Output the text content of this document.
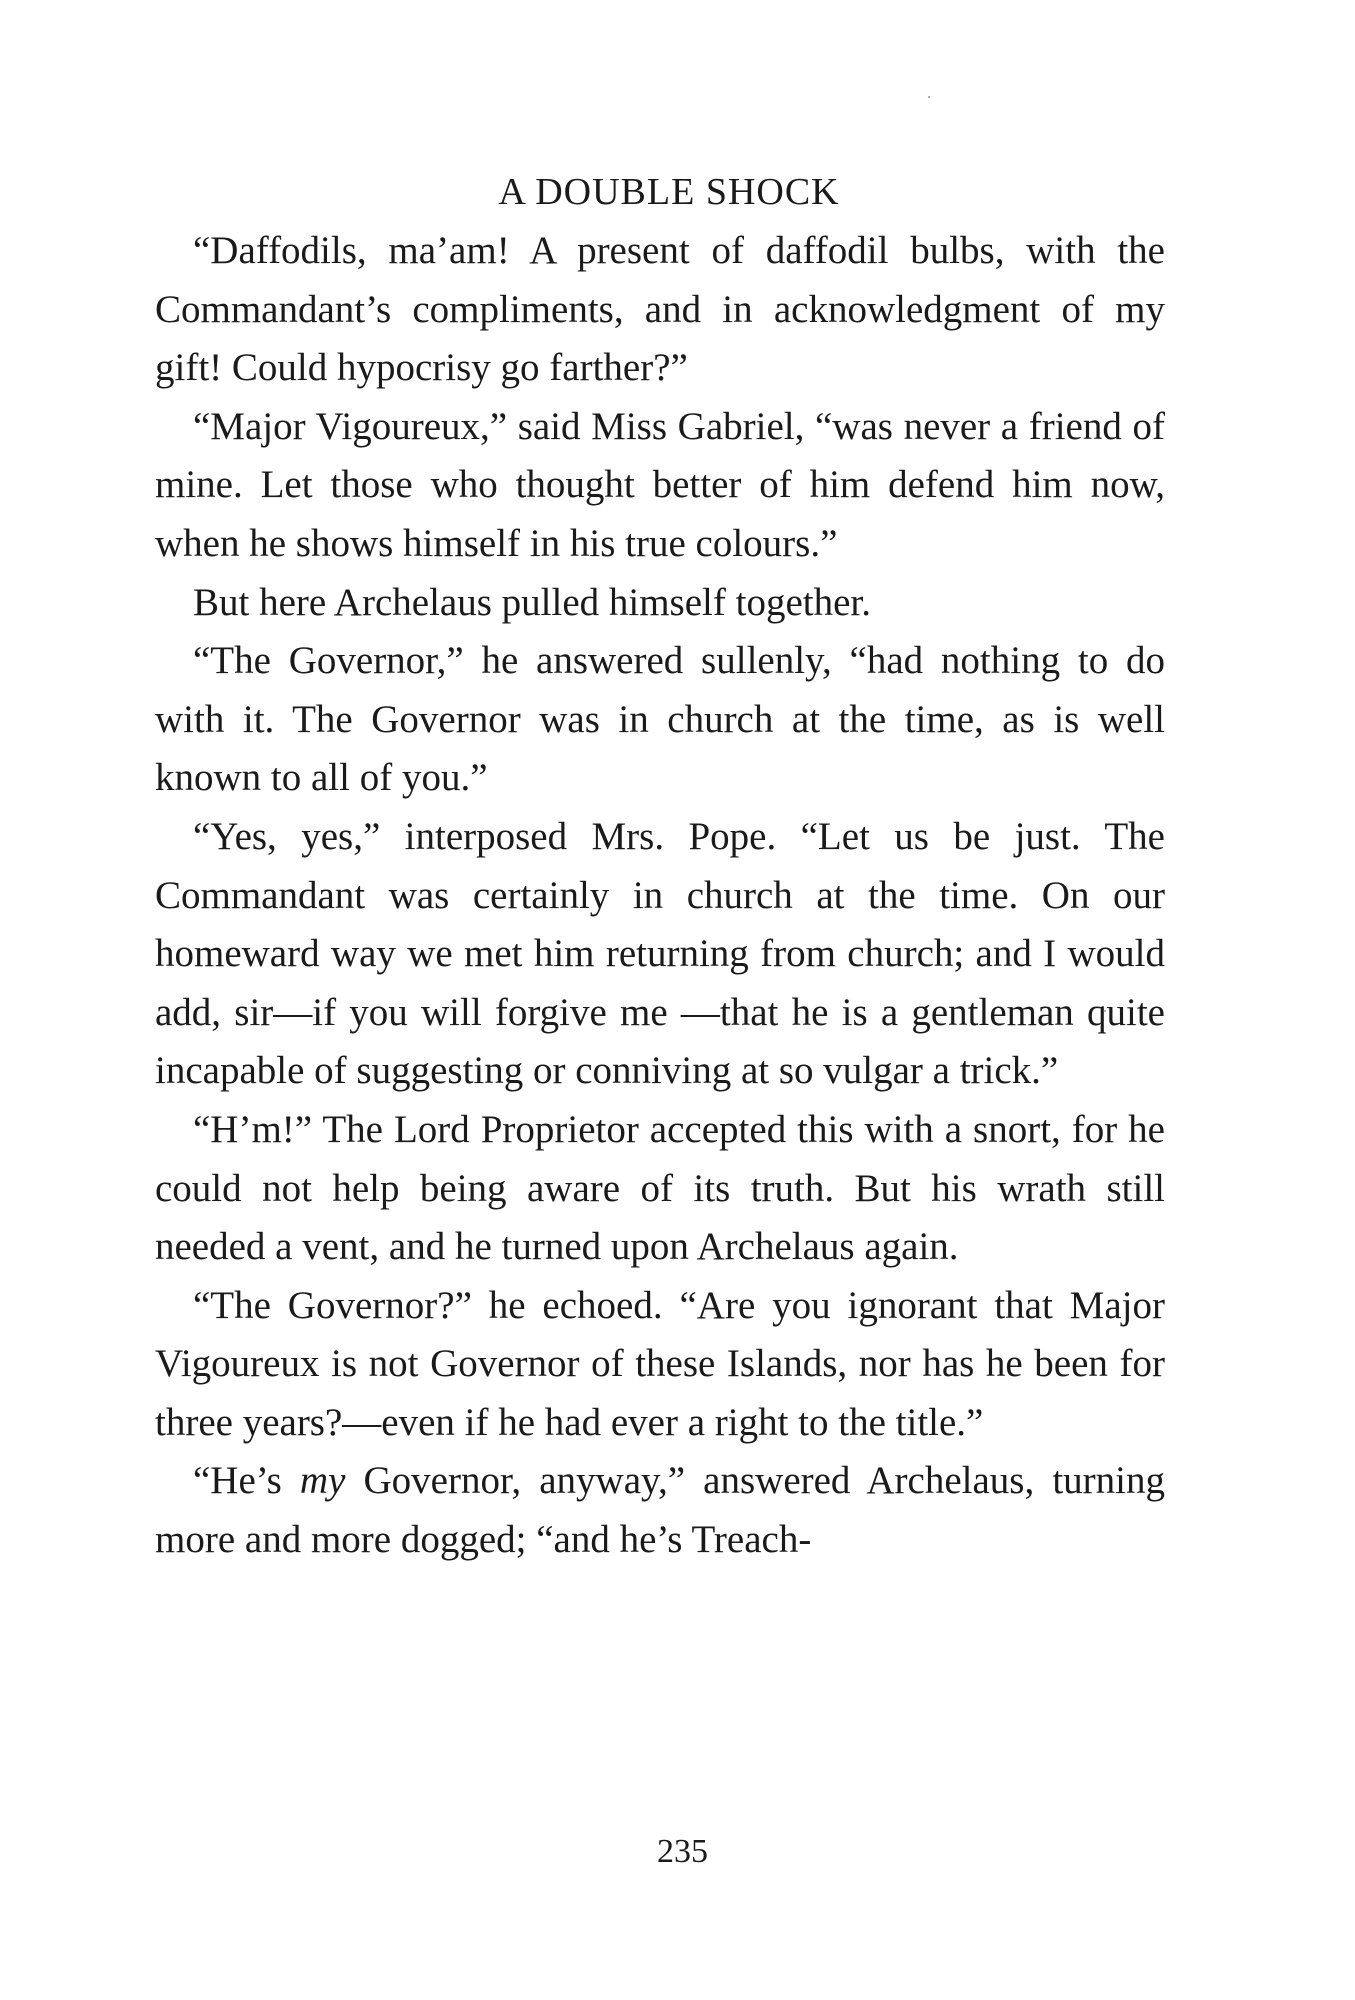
A DOUBLE SHOCK

“Daffodils, ma’am! A present of daffodil bulbs, with the Commandant’s compliments, and in acknowledgment of my gift! Could hypocrisy go farther?”

“Major Vigoureux,” said Miss Gabriel, “was never a friend of mine. Let those who thought better of him defend him now, when he shows himself in his true colours.”

But here Archelaus pulled himself together.

“The Governor,” he answered sullenly, “had nothing to do with it. The Governor was in church at the time, as is well known to all of you.”

“Yes, yes,” interposed Mrs. Pope. “Let us be just. The Commandant was certainly in church at the time. On our homeward way we met him returning from church; and I would add, sir—if you will forgive me —that he is a gentleman quite incapable of suggesting or conniving at so vulgar a trick.”

“H’m!” The Lord Proprietor accepted this with a snort, for he could not help being aware of its truth. But his wrath still needed a vent, and he turned upon Archelaus again.

“The Governor?” he echoed. “Are you ignorant that Major Vigoureux is not Governor of these Islands, nor has he been for three years?—even if he had ever a right to the title.”

“He’s my Governor, anyway,” answered Archelaus, turning more and more dogged; “and he’s Treach-

235
